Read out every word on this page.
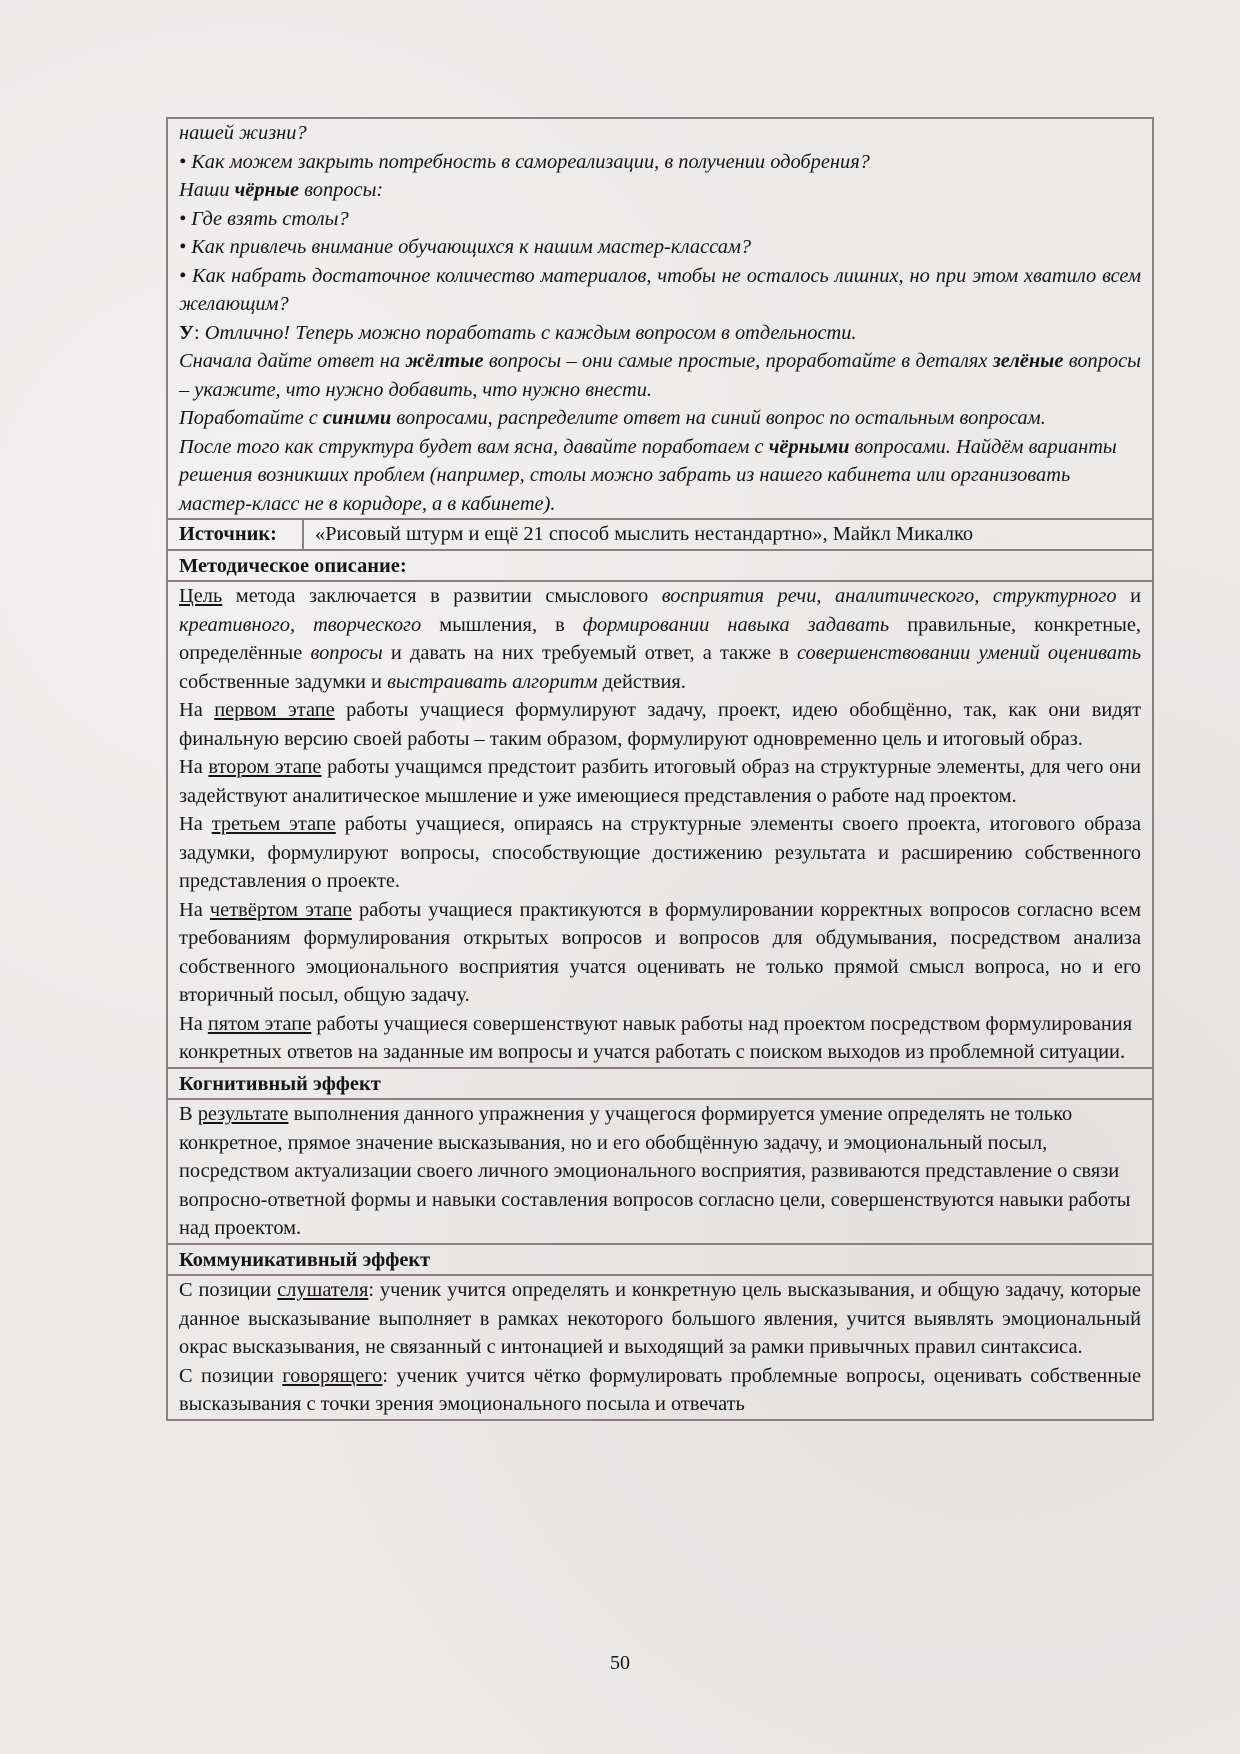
нашей жизни?

• Как можем закрыть потребность в самореализации, в получении одобрения?

Наши чёрные вопросы:

• Где взять столы?

• Как привлечь внимание обучающихся к нашим мастер-классам?

• Как набрать достаточное количество материалов, чтобы не осталось лишних, но при этом хватило всем желающим?

У: Отлично! Теперь можно поработать с каждым вопросом в отдельности.

Сначала дайте ответ на жёлтые вопросы – они самые простые, проработайте в деталях зелёные вопросы – укажите, что нужно добавить, что нужно внести.

Поработайте с синими вопросами, распределите ответ на синий вопрос по остальным вопросам.

После того как структура будет вам ясна, давайте поработаем с чёрными вопросами. Найдём варианты решения возникших проблем (например, столы можно забрать из нашего кабинета или организовать мастер-класс не в коридоре, а в кабинете).

Источник:	«Рисовый штурм и ещё 21 способ мыслить нестандартно», Майкл Микалко
Методическое описание:

Цель метода заключается в развитии смыслового восприятия речи, аналитического, структурного и креативного, творческого мышления, в формировании навыка задавать правильные, конкретные, определённые вопросы и давать на них требуемый ответ, а также в совершенствовании умений оценивать собственные задумки и выстраивать алгоритм действия.

На первом этапе работы учащиеся формулируют задачу, проект, идею обобщённо, так, как они видят финальную версию своей работы – таким образом, формулируют одновременно цель и итоговый образ.

На втором этапе работы учащимся предстоит разбить итоговый образ на структурные элементы, для чего они задействуют аналитическое мышление и уже имеющиеся представления о работе над проектом.

На третьем этапе работы учащиеся, опираясь на структурные элементы своего проекта, итогового образа задумки, формулируют вопросы, способствующие достижению результата и расширению собственного представления о проекте.

На четвёртом этапе работы учащиеся практикуются в формулировании корректных вопросов согласно всем требованиям формулирования открытых вопросов и вопросов для обдумывания, посредством анализа собственного эмоционального восприятия учатся оценивать не только прямой смысл вопроса, но и его вторичный посыл, общую задачу.

На пятом этапе работы учащиеся совершенствуют навык работы над проектом посредством формулирования конкретных ответов на заданные им вопросы и учатся работать с поиском выходов из проблемной ситуации.

Когнитивный эффект

В результате выполнения данного упражнения у учащегося формируется умение определять не только конкретное, прямое значение высказывания, но и его обобщённую задачу, и эмоциональный посыл, посредством актуализации своего личного эмоционального восприятия, развиваются представление о связи вопросно-ответной формы и навыки составления вопросов согласно цели, совершенствуются навыки работы над проектом.

Коммуникативный эффект

С позиции слушателя: ученик учится определять и конкретную цель высказывания, и общую задачу, которые данное высказывание выполняет в рамках некоторого большого явления, учится выявлять эмоциональный окрас высказывания, не связанный с интонацией и выходящий за рамки привычных правил синтаксиса.

С позиции говорящего: ученик учится чётко формулировать проблемные вопросы, оценивать собственные высказывания с точки зрения эмоционального посыла и отвечать

50
